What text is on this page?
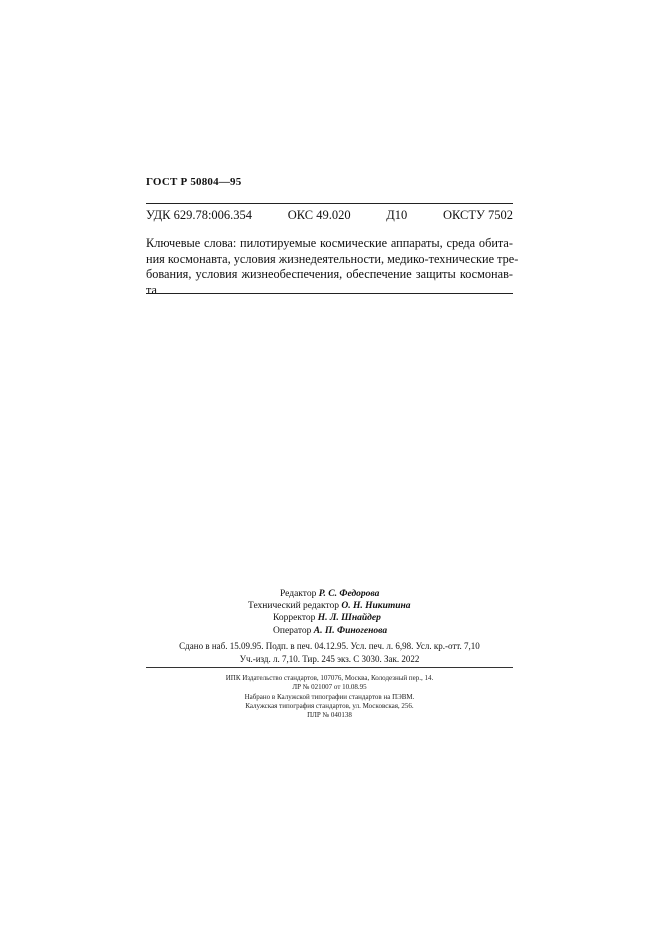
ГОСТ Р 50804—95
УДК 629.78:006.354	ОКС 49.020	Д10	ОКСТУ 7502
Ключевые слова: пилотируемые космические аппараты, среда обита-
ния космонавта, условия жизнедеятельности, медико-технические тре-
бования, условия жизнеобеспечения, обеспечение защиты космонав-
та
Редактор Р. С. Федорова
Технический редактор О. Н. Никитина
Корректор Н. Л. Шнайдер
Оператор А. П. Финогенова
Сдано в наб. 15.09.95. Подп. в печ. 04.12.95. Усл. печ. л. 6,98. Усл. кр.-отт. 7,10
Уч.-изд. л. 7,10. Тир. 245 экз. С 3030. Зак. 2022
ИПК Издательство стандартов, 107076, Москва, Колодезный пер., 14.
ЛР № 021007 от 10.08.95
Набрано в Калужской типографии стандартов на ПЭВМ.
Калужская типография стандартов, ул. Московская, 256.
ПЛР № 040138
